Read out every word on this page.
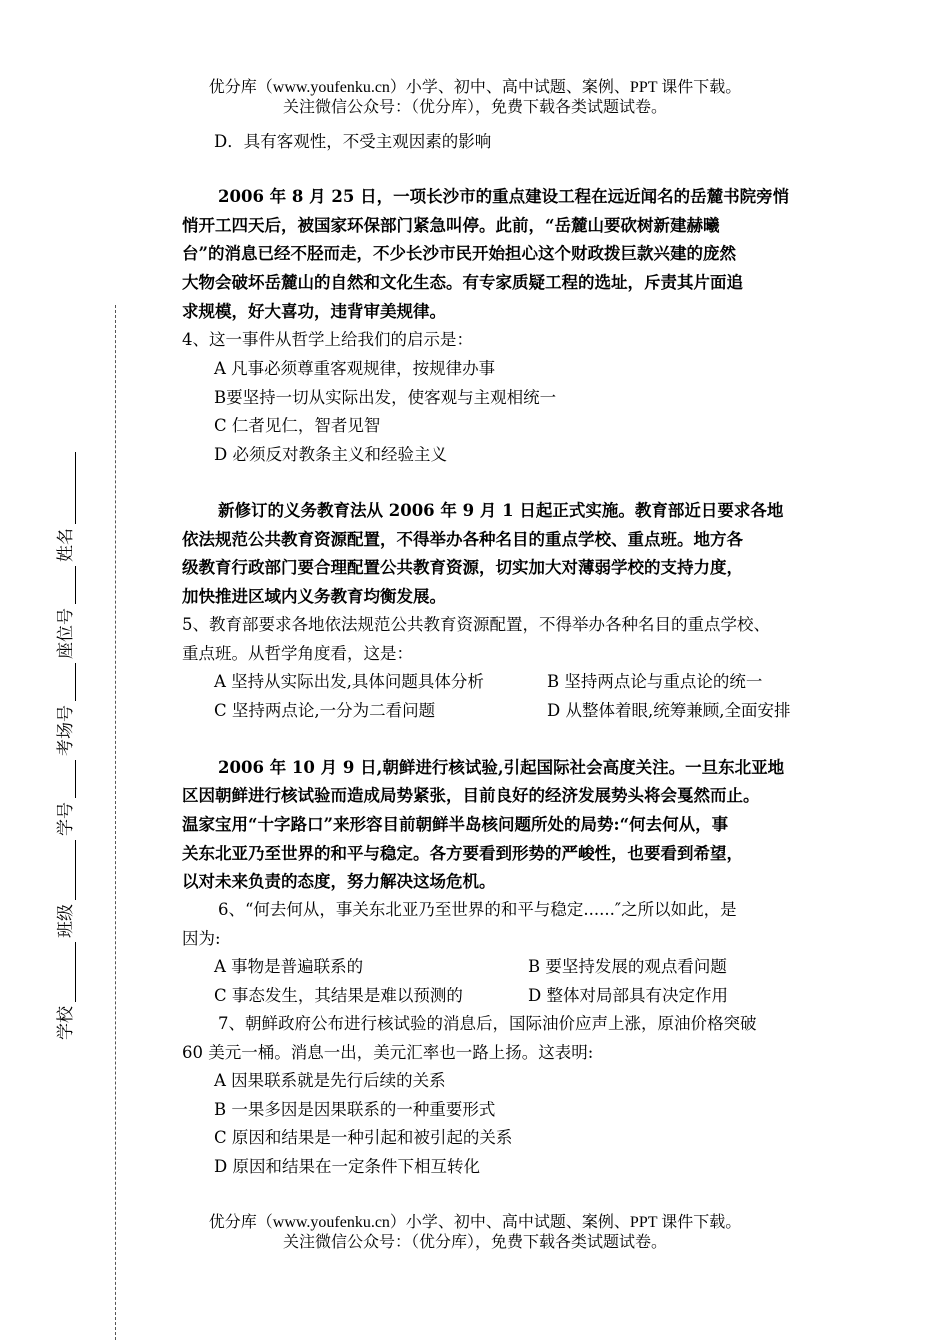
优分库（www.youfenku.cn）小学、初中、高中试题、案例、PPT 课件下载。
关注微信公众号：（优分库），免费下载各类试题试卷。
D．具有客观性，不受主观因素的影响
2006 年 8 月 25 日，一项长沙市的重点建设工程在远近闻名的岳麓书院旁悄
悄开工四天后，被国家环保部门紧急叫停。此前，“岳麓山要砍树新建赫曦
台”的消息已经不胫而走，不少长沙市民开始担心这个财政拨巨款兴建的庞然
大物会破坏岳麓山的自然和文化生态。有专家质疑工程的选址，斥责其片面追
求规模，好大喜功，违背审美规律。
4、这一事件从哲学上给我们的启示是：
A 凡事必须尊重客观规律，按规律办事
B要坚持一切从实际出发，使客观与主观相统一
C 仁者见仁，智者见智
D 必须反对教条主义和经验主义
新修订的义务教育法从 2006 年 9 月 1 日起正式实施。教育部近日要求各地
依法规范公共教育资源配置，不得举办各种名目的重点学校、重点班。地方各
级教育行政部门要合理配置公共教育资源，切实加大对薄弱学校的支持力度，
加快推进区域内义务教育均衡发展。
5、教育部要求各地依法规范公共教育资源配置，不得举办各种名目的重点学校、
重点班。从哲学角度看，这是：
A 坚持从实际出发,具体问题具体分析	B 坚持两点论与重点论的统一
C 坚持两点论,一分为二看问题	D 从整体着眼,统筹兼顾,全面安排
2006 年 10 月 9 日,朝鲜进行核试验,引起国际社会高度关注。一旦东北亚地
区因朝鲜进行核试验而造成局势紧张，目前良好的经济发展势头将会戛然而止。
温家宝用“十字路口”来形容目前朝鲜半岛核问题所处的局势:“何去何从，事
关东北亚乃至世界的和平与稳定。各方要看到形势的严峻性，也要看到希望，
以对未来负责的态度，努力解决这场危机。
6、“何去何从，事关东北亚乃至世界的和平与稳定......″之所以如此，是
因为:
A 事物是普遍联系的	B 要坚持发展的观点看问题
C 事态发生，其结果是难以预测的	D 整体对局部具有决定作用
7、朝鲜政府公布进行核试验的消息后，国际油价应声上涨，原油价格突破
60 美元一桶。消息一出，美元汇率也一路上扬。这表明:
A 因果联系就是先行后续的关系
B 一果多因是因果联系的一种重要形式
C 原因和结果是一种引起和被引起的关系
D 原因和结果在一定条件下相互转化
优分库（www.youfenku.cn）小学、初中、高中试题、案例、PPT 课件下载。
关注微信公众号：（优分库），免费下载各类试题试卷。
学校
班级
学号
考场号
座位号
姓名
